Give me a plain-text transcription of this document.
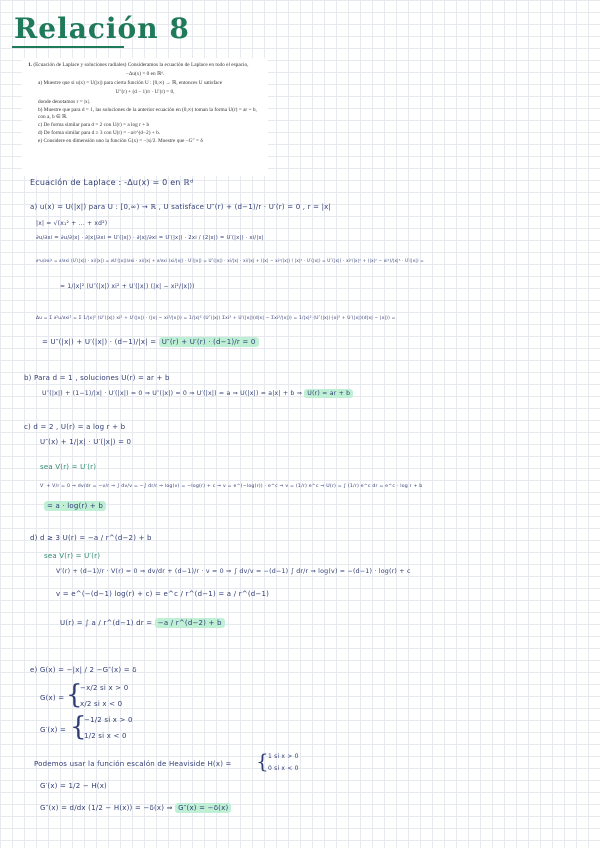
Relación 8
1. (Ecuación de Laplace y soluciones radiales) Consideramos la ecuación de Laplace en todo el espacio,
−Δu(x) = 0 en ℝᵈ.
a) Muestre que si u(x) = U(|x|) para cierta función U : [0,∞) → ℝ, entonces U satisface
U″(r) + (d − 1)/r · U′(r) = 0,
donde denotamos r = |x|.
b) Muestre que para d = 1, las soluciones de la anterior ecuación en (0,∞) toman la forma U(r) = ar + b, con a, b ∈ ℝ.
c) De forma similar para d = 2 con U(r) = a log r + b
d) De forma similar para d ≥ 3 con U(r) = −a/r^(d−2) + b.
e) Considere en dimensión uno la función G(x) = −|x|/2. Muestre que −G″ = δ
Ecuación de Laplace : -Δu(x) = 0 en ℝᵈ
a) u(x) = U(|x|) para U : [0,∞) → ℝ , U satisface U″(r) + (d−1)/r · U′(r) = 0 , r = |x|
|x| = √(x₁² + ... + xd²)
∂u/∂xi = ∂u/∂|x| · ∂|x|/∂xi = U′(|x|) · ∂|x|/∂xi = U′(|x|) · 2xi / (2|x|) = U′(|x|) · xi/|x|
∂²u/∂xi² = ∂/∂xi (U′(|x|) · xi/|x|) = ∂U′(|x|)/∂xi · xi/|x| + ∂/∂xi (xi/|x|) · U′(|x|) = U″(|x|) · xi/|x| · xi/|x| + (|x| − xi²/|x|) / |x|² · U′(|x|) = U″(|x|) · xi²/|x|² + (|x|² − xi²)/|x|³ · U′(|x|) =
= 1/|x|² (U″(|x|) xi² + U′(|x|) (|x| − xi²/|x|))
Δu = Σ ∂²u/∂xi² = Σ 1/|x|² (U″(|x|) xi² + U′(|x|) · (|x| − xi²/|x|)) = 1/|x|² (U″(|x|) Σxi² + U′(|x|)(d|x| − Σxi²/|x|)) = 1/|x|² (U″(|x|)·|x|² + U′(|x|)(d|x| − |x|)) =
= U″(|x|) + U′(|x|) · (d−1)/|x| = U″(r) + U′(r) · (d−1)/r = 0
b) Para d = 1 , soluciones U(r) = ar + b
U″(|x|) + (1−1)/|x| · U′(|x|) = 0 ⇒ U″(|x|) = 0 ⇒ U′(|x|) = a ⇒ U(|x|) = a|x| + b ⇒ U(r) = ar + b
c) d = 2 , U(r) = a log r + b
U″(x) + 1/|x| · U′(|x|) = 0
sea V(r) = U′(r)
V′ + V/r = 0 ⇒ dv/dr = −v/r ⇒ ∫ dv/v = −∫ dr/r ⇒ log(v) = −log(r) + c ⇒ v = e^(−log(r)) · e^c ⇒ v = (1/r) e^c ⇒ U(r) = ∫ (1/r) e^c dr = e^c · log r + b
= a · log(r) + b
d) d ≥ 3 U(r) = −a / r^(d−2) + b
sea V(r) = U′(r)
V′(r) + (d−1)/r · V(r) = 0 ⇒ dv/dr + (d−1)/r · v = 0 ⇒ ∫ dv/v = −(d−1) ∫ dr/r ⇒ log(v) = −(d−1) · log(r) + c
v = e^(−(d−1) log(r) + c) = e^c / r^(d−1) = a / r^(d−1)
U(r) = ∫ a / r^(d−1) dr = −a / r^(d−2) + b
e) G(x) = −|x| / 2 −G″(x) = δ
G(x) = {
−x/2 si x > 0
x/2 si x < 0
G′(x) = {
−1/2 si x > 0
1/2 si x < 0
Podemos usar la función escalón de Heaviside H(x) = { 1 si x > 0
0 si x < 0
G′(x) = 1/2 − H(x)
G″(x) = d/dx (1/2 − H(x)) = −δ(x) ⇒ G″(x) = −δ(x)
